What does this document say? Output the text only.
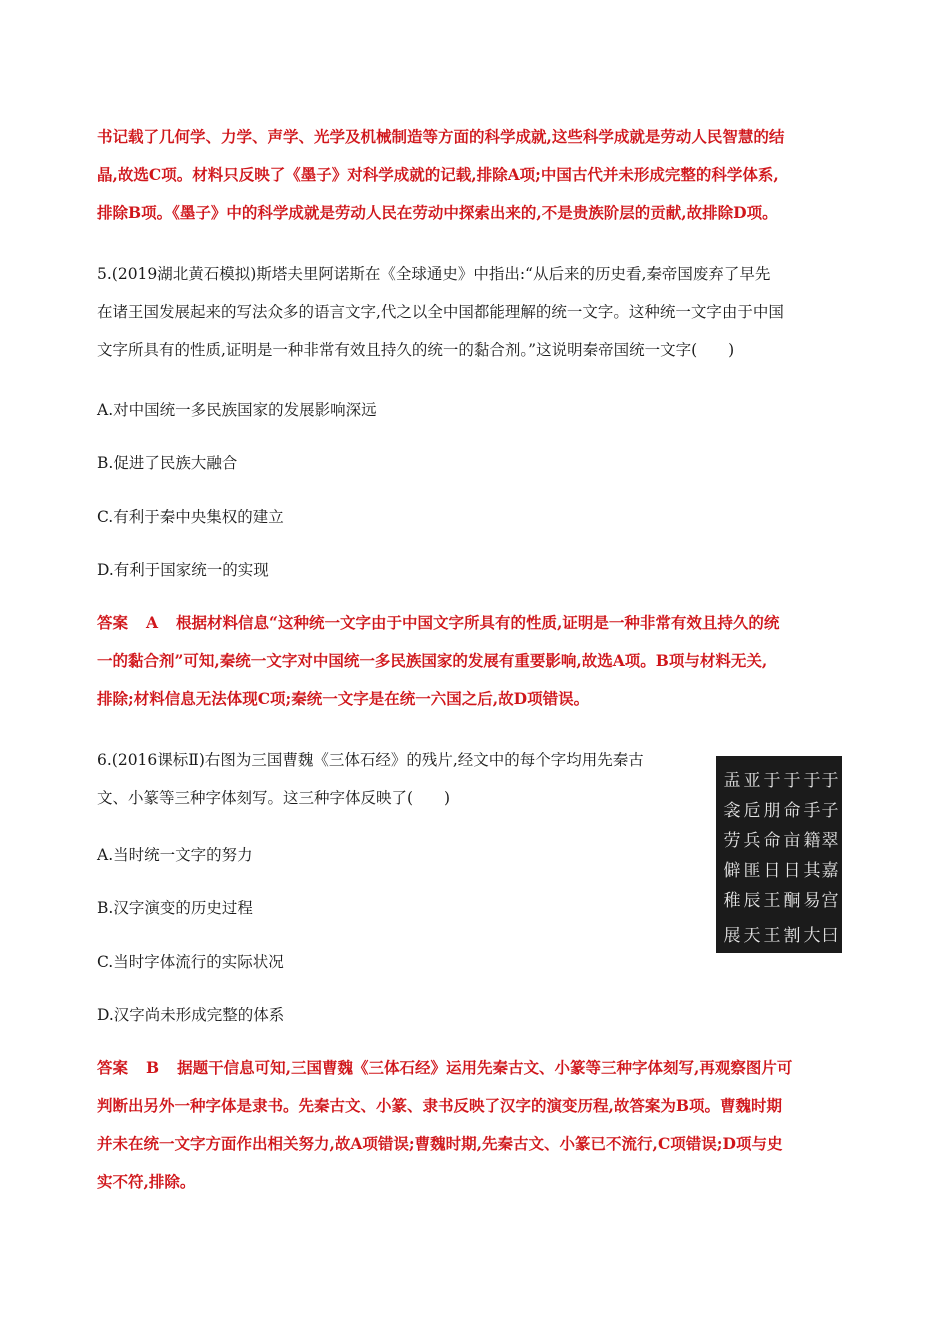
书记载了几何学、力学、声学、光学及机械制造等方面的科学成就,这些科学成就是劳动人民智慧的结
晶,故选C项。材料只反映了《墨子》对科学成就的记载,排除A项;中国古代并未形成完整的科学体系,
排除B项。《墨子》中的科学成就是劳动人民在劳动中探索出来的,不是贵族阶层的贡献,故排除D项。
5.(2019湖北黄石模拟)斯塔夫里阿诺斯在《全球通史》中指出:“从后来的历史看,秦帝国废弃了早先
在诸王国发展起来的写法众多的语言文字,代之以全中国都能理解的统一文字。这种统一文字由于中国
文字所具有的性质,证明是一种非常有效且持久的统一的黏合剂。”这说明秦帝国统一文字(　　)

A.对中国统一多民族国家的发展影响深远

B.促进了民族大融合

C.有利于秦中央集权的建立

D.有利于国家统一的实现

答案 A 根据材料信息“这种统一文字由于中国文字所具有的性质,证明是一种非常有效且持久的统
一的黏合剂”可知,秦统一文字对中国统一多民族国家的发展有重要影响,故选A项。B项与材料无关,
排除;材料信息无法体现C项;秦统一文字是在统一六国之后,故D项错误。
6.(2016课标Ⅱ)右图为三国曹魏《三体石经》的残片,经文中的每个字均用先秦古
文、小篆等三种字体刻写。这三种字体反映了(　　)
盂
衾
劳
僻
稚
展
亚
卮
兵
匪
辰
天
于
朋
命
日
王
王
于
命
亩
日
酮
割
于
手
籍
其
易
大
于
子
翠
嘉
宫
曰

A.当时统一文字的努力

B.汉字演变的历史过程

C.当时字体流行的实际状况

D.汉字尚未形成完整的体系

答案 B 据题干信息可知,三国曹魏《三体石经》运用先秦古文、小篆等三种字体刻写,再观察图片可
判断出另外一种字体是隶书。先秦古文、小篆、隶书反映了汉字的演变历程,故答案为B项。曹魏时期
并未在统一文字方面作出相关努力,故A项错误;曹魏时期,先秦古文、小篆已不流行,C项错误;D项与史
实不符,排除。
